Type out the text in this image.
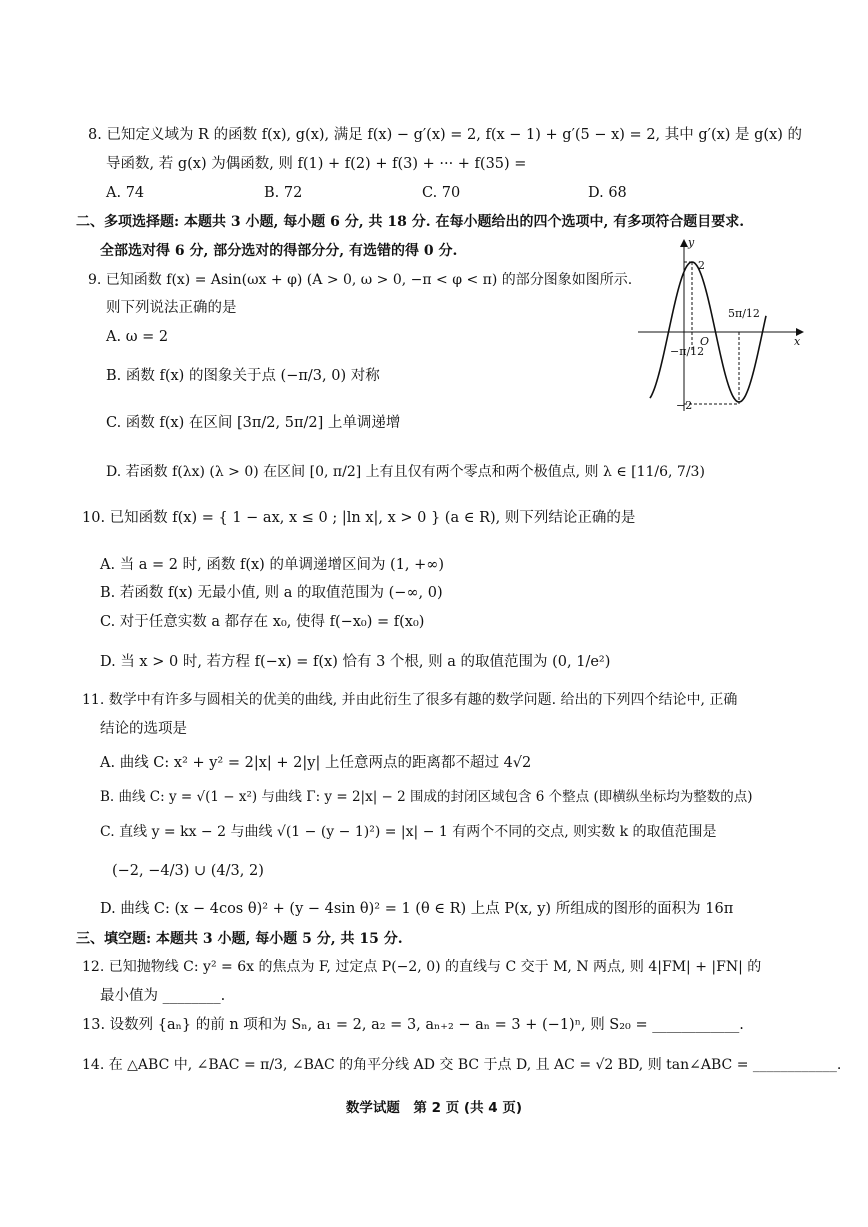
8. 已知定义域为 R 的函数 f(x), g(x), 满足 f(x) − g′(x) = 2, f(x − 1) + g′(5 − x) = 2, 其中 g′(x) 是 g(x) 的
导函数, 若 g(x) 为偶函数, 则 f(1) + f(2) + f(3) + ··· + f(35) =
A. 74	B. 72	C. 70	D. 68
二、多项选择题: 本题共 3 小题, 每小题 6 分, 共 18 分. 在每小题给出的四个选项中, 有多项符合题目要求.
全部选对得 6 分, 部分选对的得部分分, 有选错的得 0 分.
9. 已知函数 f(x) = Asin(ωx + φ) (A > 0, ω > 0, −π < φ < π) 的部分图象如图所示.
则下列说法正确的是
A. ω = 2
B. 函数 f(x) 的图象关于点 (−π/3, 0) 对称
C. 函数 f(x) 在区间 [3π/2, 5π/2] 上单调递增
D. 若函数 f(λx) (λ > 0) 在区间 [0, π/2] 上有且仅有两个零点和两个极值点, 则 λ ∈ [11/6, 7/3)
y
x
O
2
−2
−π/12
5π/12
10. 已知函数 f(x) = { 1 − ax, x ≤ 0 ; |ln x|, x > 0 } (a ∈ R), 则下列结论正确的是
A. 当 a = 2 时, 函数 f(x) 的单调递增区间为 (1, +∞)
B. 若函数 f(x) 无最小值, 则 a 的取值范围为 (−∞, 0)
C. 对于任意实数 a 都存在 x₀, 使得 f(−x₀) = f(x₀)
D. 当 x > 0 时, 若方程 f(−x) = f(x) 恰有 3 个根, 则 a 的取值范围为 (0, 1/e²)
11. 数学中有许多与圆相关的优美的曲线, 并由此衍生了很多有趣的数学问题. 给出的下列四个结论中, 正确
结论的选项是
A. 曲线 C: x² + y² = 2|x| + 2|y| 上任意两点的距离都不超过 4√2
B. 曲线 C: y = √(1 − x²) 与曲线 Γ: y = 2|x| − 2 围成的封闭区域包含 6 个整点 (即横纵坐标均为整数的点)
C. 直线 y = kx − 2 与曲线 √(1 − (y − 1)²) = |x| − 1 有两个不同的交点, 则实数 k 的取值范围是
(−2, −4/3) ∪ (4/3, 2)
D. 曲线 C: (x − 4cos θ)² + (y − 4sin θ)² = 1 (θ ∈ R) 上点 P(x, y) 所组成的图形的面积为 16π
三、填空题: 本题共 3 小题, 每小题 5 分, 共 15 分.
12. 已知抛物线 C: y² = 6x 的焦点为 F, 过定点 P(−2, 0) 的直线与 C 交于 M, N 两点, 则 4|FM| + |FN| 的
最小值为 ________.
13. 设数列 {aₙ} 的前 n 项和为 Sₙ, a₁ = 2, a₂ = 3, aₙ₊₂ − aₙ = 3 + (−1)ⁿ, 则 S₂₀ = ____________.
14. 在 △ABC 中, ∠BAC = π/3, ∠BAC 的角平分线 AD 交 BC 于点 D, 且 AC = √2 BD, 则 tan∠ABC = ____________.
数学试题　第 2 页 (共 4 页)
